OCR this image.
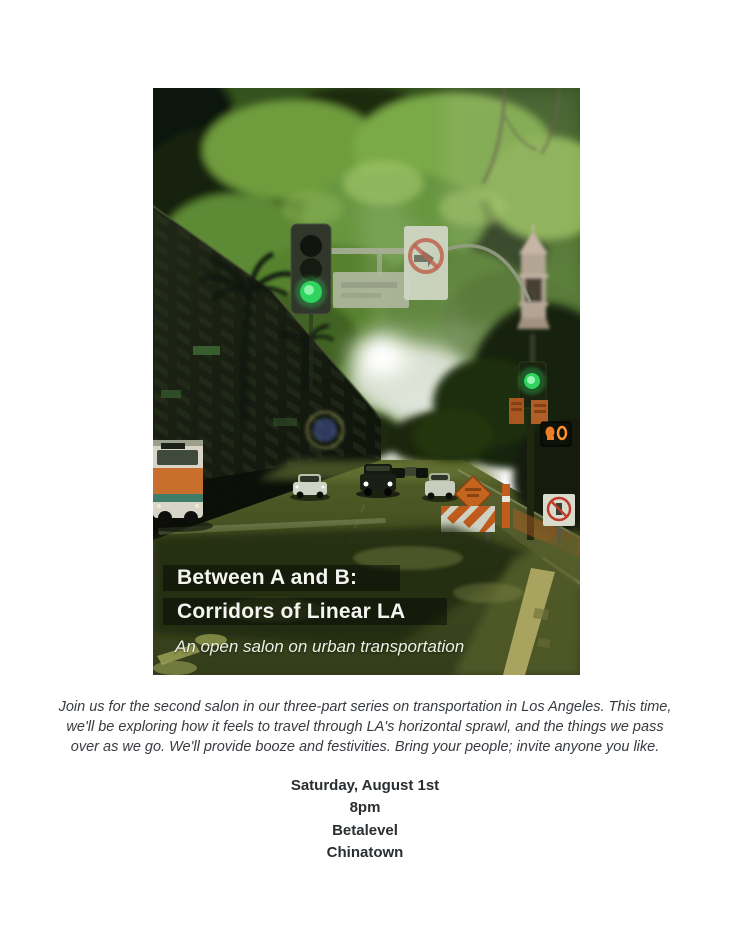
Between A and B:
Corridors of Linear LA
An open salon on urban transportation
Join us for the second salon in our three-part series on transportation in Los Angeles. This time,
we'll be exploring how it feels to travel through LA's horizontal sprawl, and the things we pass
over as we go. We'll provide booze and festivities. Bring your people; invite anyone you like.
Saturday, August 1st
8pm
Betalevel
Chinatown
